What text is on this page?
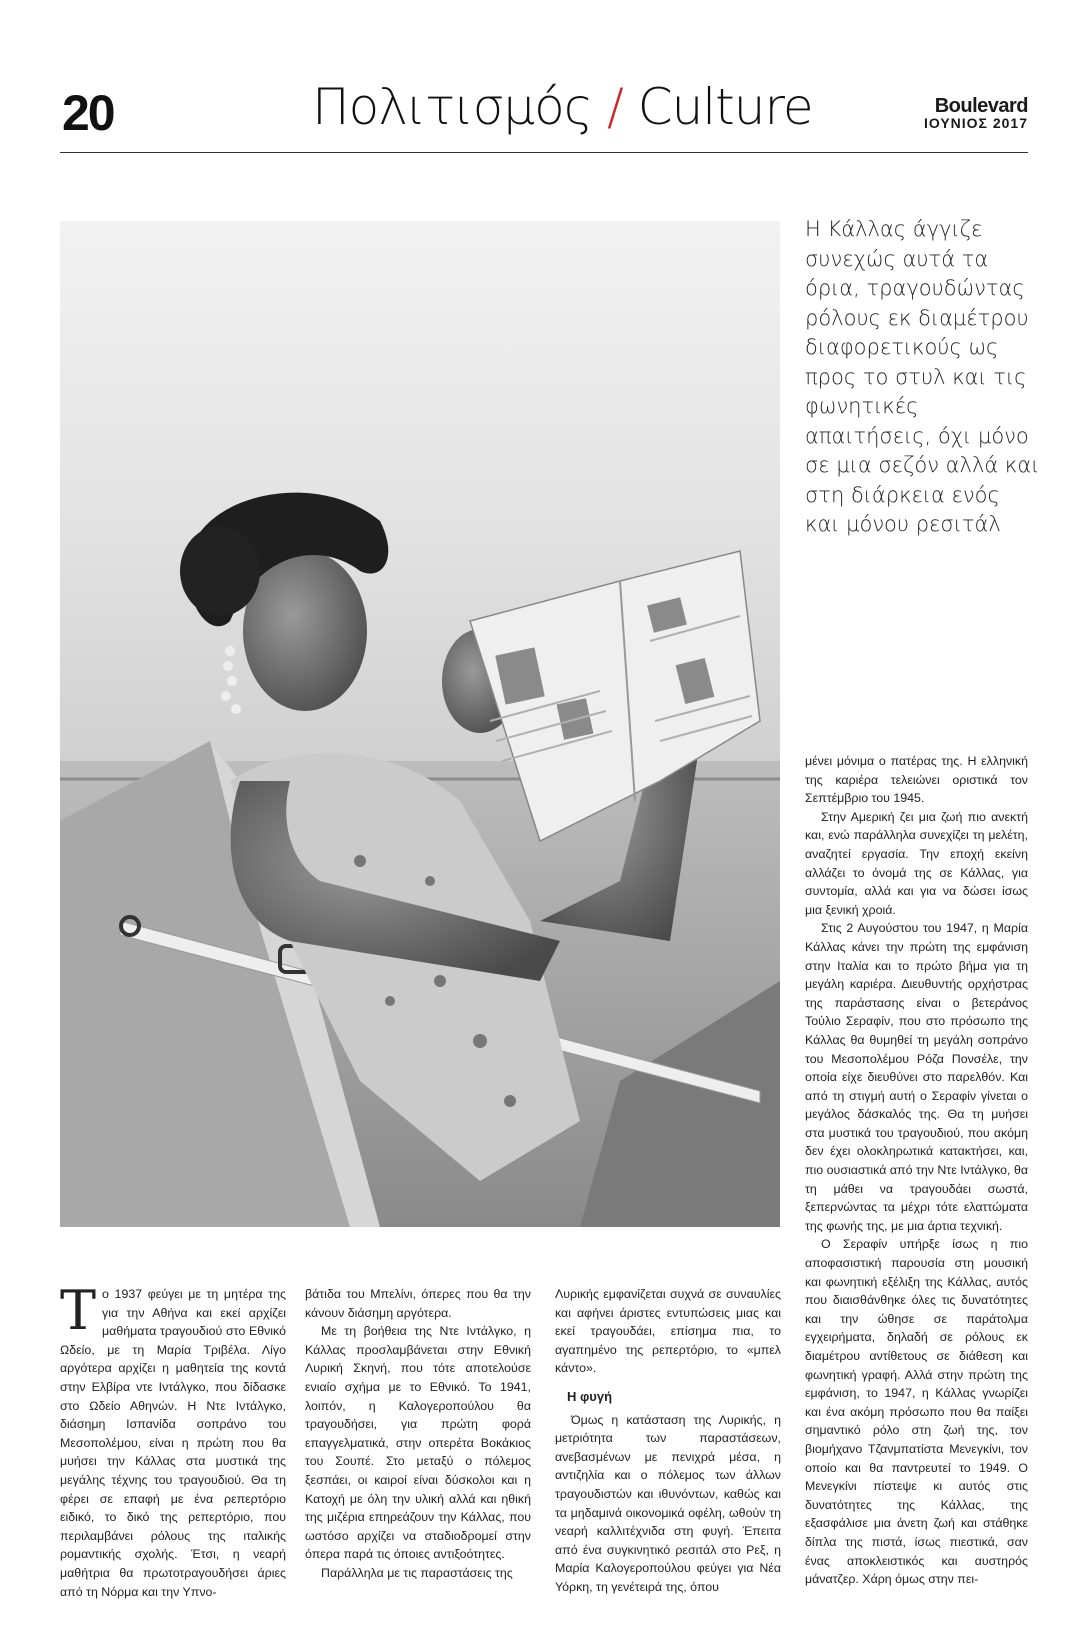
20	Πολιτισμός / Culture	Boulevard
ΙΟΥΝΙΟΣ 2017
Η Κάλλας άγγιζε συνεχώς αυτά τα όρια, τραγουδώντας ρόλους εκ διαμέτρου διαφορετικούς ως προς το στυλ και τις φωνητικές απαιτήσεις, όχι μόνο σε μια σεζόν αλλά και στη διάρκεια ενός και μόνου ρεσιτάλ

μένει μόνιμα ο πατέρας της. Η ελληνική της καριέρα τελειώνει οριστικά τον Σεπτέμβριο του 1945.

Στην Αμερική ζει μια ζωή πιο ανεκτή και, ενώ παράλληλα συνεχίζει τη μελέτη, αναζητεί εργασία. Την εποχή εκείνη αλλάζει το όνομά της σε Κάλλας, για συντομία, αλλά και για να δώσει ίσως μια ξενική χροιά.

Στις 2 Αυγούστου του 1947, η Μαρία Κάλλας κάνει την πρώτη της εμφάνιση στην Ιταλία και το πρώτο βήμα για τη μεγάλη καριέρα. Διευθυντής ορχήστρας της παράστασης είναι ο βετεράνος Τούλιο Σεραφίν, που στο πρόσωπο της Κάλλας θα θυμηθεί τη μεγάλη σοπράνο του Μεσοπολέμου Ρόζα Πονσέλε, την οποία είχε διευθύνει στο παρελθόν. Και από τη στιγμή αυτή ο Σεραφίν γίνεται ο μεγάλος δάσκαλός της. Θα τη μυήσει στα μυστικά του τραγουδιού, που ακόμη δεν έχει ολοκληρωτικά κατακτήσει, και, πιο ουσιαστικά από την Ντε Ιντάλγκο, θα τη μάθει να τραγουδάει σωστά, ξεπερνώντας τα μέχρι τότε ελαττώματα της φωνής της, με μια άρτια τεχνική.

Ο Σεραφίν υπήρξε ίσως η πιο αποφασιστική παρουσία στη μουσική και φωνητική εξέλιξη της Κάλλας, αυτός που διαισθάνθηκε όλες τις δυνατότητες και την ώθησε σε παράτολμα εγχειρήματα, δηλαδή σε ρόλους εκ διαμέτρου αντίθετους σε διάθεση και φωνητική γραφή. Αλλά στην πρώτη της εμφάνιση, το 1947, η Κάλλας γνωρίζει και ένα ακόμη πρόσωπο που θα παίξει σημαντικό ρόλο στη ζωή της, τον βιομήχανο Τζανμπατίστα Μενεγκίνι, τον οποίο και θα παντρευτεί το 1949. Ο Μενεγκίνι πίστεψε κι αυτός στις δυνατότητες της Κάλλας, της εξασφάλισε μια άνετη ζωή και στάθηκε δίπλα της πιστά, ίσως πιεστικά, σαν ένας αποκλειστικός και αυστηρός μάνατζερ. Χάρη όμως στην πει-

Το 1937 φεύγει με τη μητέρα της για την Αθήνα και εκεί αρχίζει μαθήματα τραγουδιού στο Εθνικό Ωδείο, με τη Μαρία Τριβέλα. Λίγο αργότερα αρχίζει η μαθητεία της κοντά στην Ελβίρα ντε Ιντάλγκο, που δίδασκε στο Ωδείο Αθηνών. Η Ντε Ιντάλγκο, διάσημη Ισπανίδα σοπράνο του Μεσοπολέμου, είναι η πρώτη που θα μυήσει την Κάλλας στα μυστικά της μεγάλης τέχνης του τραγουδιού. Θα τη φέρει σε επαφή με ένα ρεπερτόριο ειδικό, το δικό της ρεπερτόριο, που περιλαμβάνει ρόλους της ιταλικής ρομαντικής σχολής. Έτσι, η νεαρή μαθήτρια θα πρωτοτραγουδήσει άριες από τη Νόρμα και την Υπνο-

βάτιδα του Μπελίνι, όπερες που θα την κάνουν διάσημη αργότερα.

Με τη βοήθεια της Ντε Ιντάλγκο, η Κάλλας προσλαμβάνεται στην Εθνική Λυρική Σκηνή, που τότε αποτελούσε ενιαίο σχήμα με το Εθνικό. Το 1941, λοιπόν, η Καλογεροπούλου θα τραγουδήσει, για πρώτη φορά επαγγελματικά, στην οπερέτα Βοκάκιος του Σουπέ. Στο μεταξύ ο πόλεμος ξεσπάει, οι καιροί είναι δύσκολοι και η Κατοχή με όλη την υλική αλλά και ηθική της μιζέρια επηρεάζουν την Κάλλας, που ωστόσο αρχίζει να σταδιοδρομεί στην όπερα παρά τις όποιες αντιξοότητες.

Παράλληλα με τις παραστάσεις της

Λυρικής εμφανίζεται συχνά σε συναυλίες και αφήνει άριστες εντυπώσεις μιας και εκεί τραγουδάει, επίσημα πια, το αγαπημένο της ρεπερτόριο, το «μπελ κάντο».

Η φυγή

Όμως η κατάσταση της Λυρικής, η μετριότητα των παραστάσεων, ανεβασμένων με πενιχρά μέσα, η αντιζηλία και ο πόλεμος των άλλων τραγουδιστών και ιθυνόντων, καθώς και τα μηδαμινά οικονομικά οφέλη, ωθούν τη νεαρή καλλιτέχνιδα στη φυγή. Έπειτα από ένα συγκινητικό ρεσιτάλ στο Ρεξ, η Μαρία Καλογεροπούλου φεύγει για Νέα Υόρκη, τη γενέτειρά της, όπου
